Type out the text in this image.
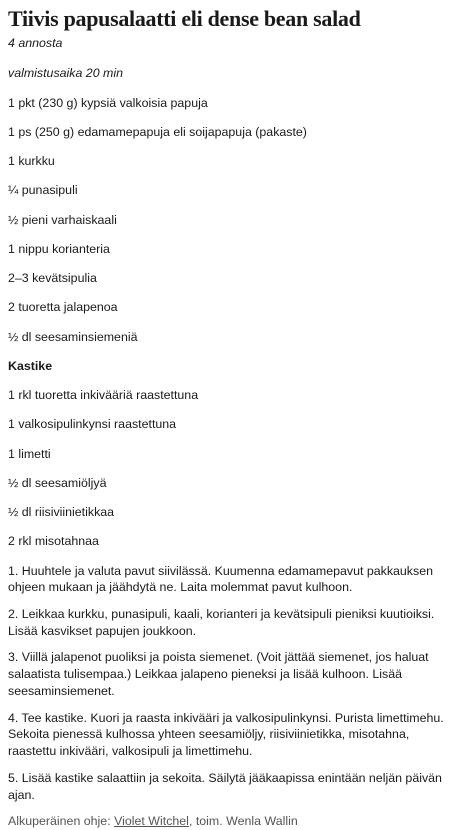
Tiivis papusalaatti eli dense bean salad

4 annosta

valmistusaika 20 min

1 pkt (230 g) kypsiä valkoisia papuja
1 ps (250 g) edamamepapuja eli soijapapuja (pakaste)
1 kurkku
¼ punasipuli
½ pieni varhaiskaali
1 nippu korianteria
2–3 kevätsipulia
2 tuoretta jalapenoa
½ dl seesaminsiemeniä

Kastike

1 rkl tuoretta inkivääriä raastettuna
1 valkosipulinkynsi raastettuna
1 limetti
½ dl seesamiöljyä
½ dl riisiviinietikkaa
2 rkl misotahnaa

1. Huuhtele ja valuta pavut siivilässä. Kuumenna edamamepavut pakkauksen ohjeen mukaan ja jäähdytä ne. Laita molemmat pavut kulhoon.

2. Leikkaa kurkku, punasipuli, kaali, korianteri ja kevätsipuli pieniksi kuutioiksi. Lisää kasvikset papujen joukkoon.

3. Viillä jalapenot puoliksi ja poista siemenet. (Voit jättää siemenet, jos haluat salaatista tulisempaa.) Leikkaa jalapeno pieneksi ja lisää kulhoon. Lisää seesaminsiemenet.

4. Tee kastike. Kuori ja raasta inkivääri ja valkosipulinkynsi. Purista limettimehu. Sekoita pienessä kulhossa yhteen seesamiöljy, riisiviinietikka, misotahna, raastettu inkivääri, valkosipuli ja limettimehu.

5. Lisää kastike salaattiin ja sekoita. Säilytä jääkaapissa enintään neljän päivän ajan.

Alkuperäinen ohje: Violet Witchel, toim. Wenla Wallin
